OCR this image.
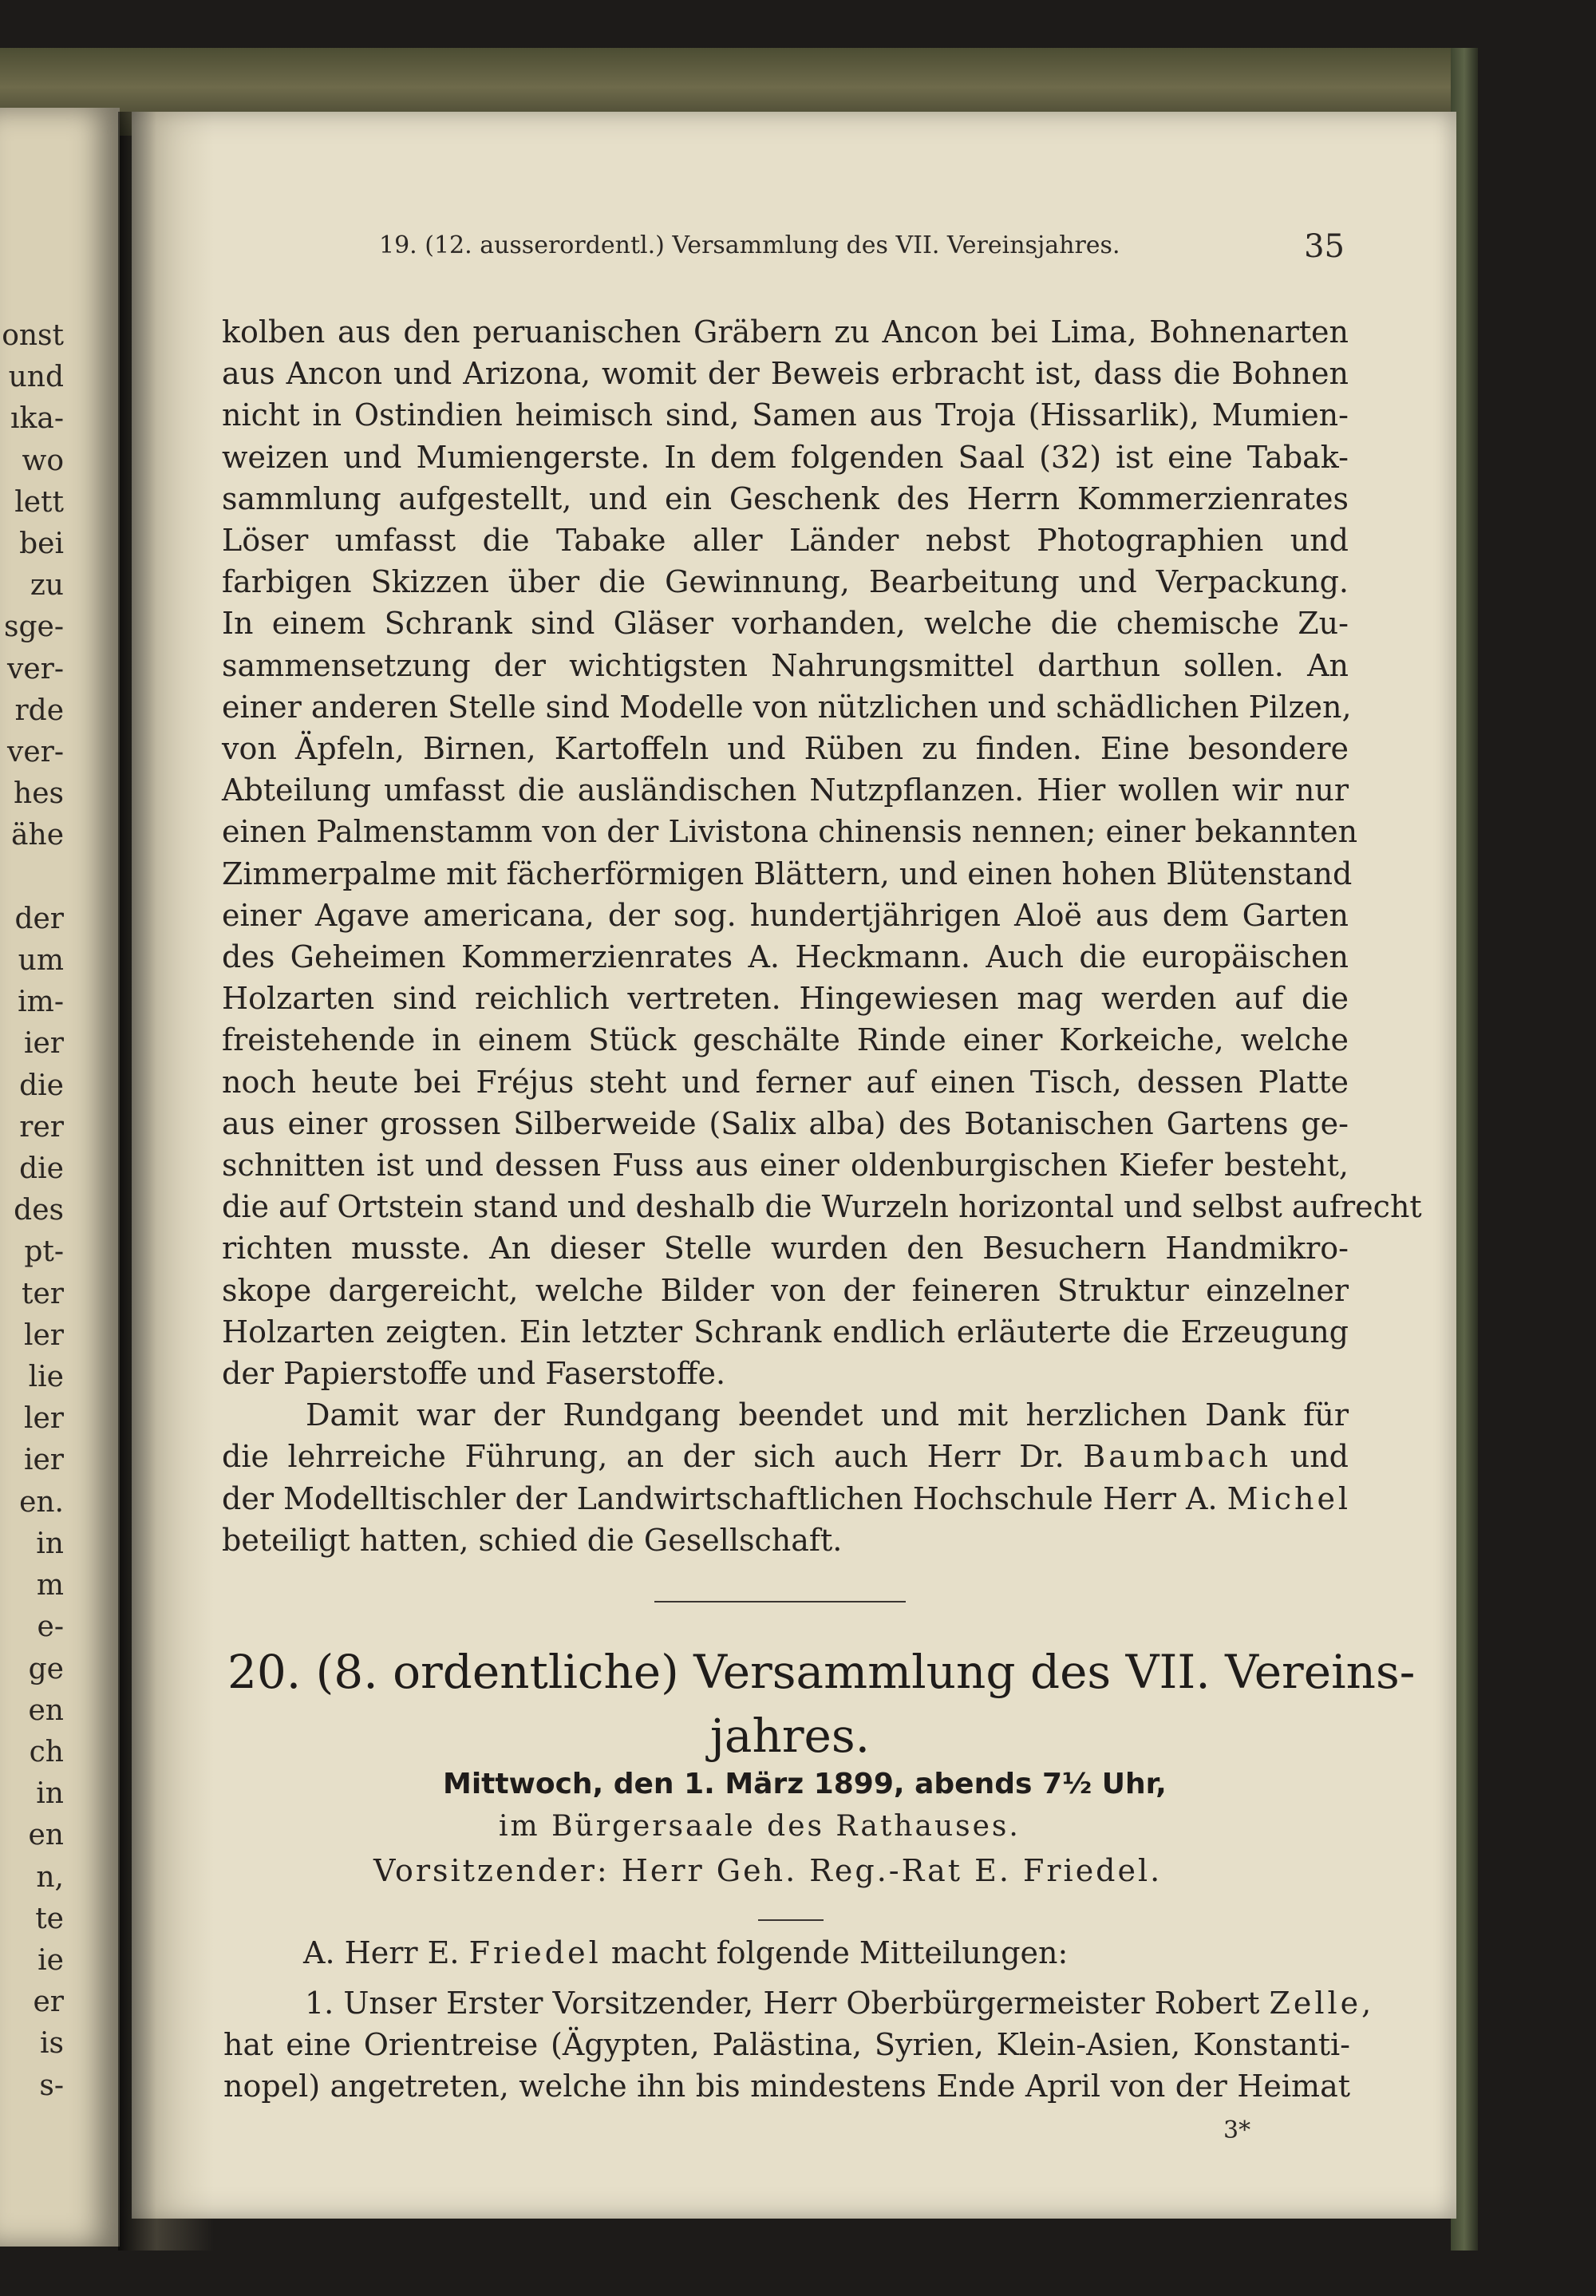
onst
und
ıka-
wo
lett
bei
zu
sge-
ver-
rde
ver-
hes
ähe

der
um
im-
ier
die
rer
die
des
pt-
ter
ler
lie
ler
ier
en.
in
m
e-
ge
en
ch
in
en
n,
te
ie
er
is
s-
19. (12. ausserordentl.) Versammlung des VII. Vereinsjahres.	35
kolben aus den peruanischen Gräbern zu Ancon bei Lima, Bohnenarten
aus Ancon und Arizona, womit der Beweis erbracht ist, dass die Bohnen
nicht in Ostindien heimisch sind, Samen aus Troja (Hissarlik), Mumien-
weizen und Mumiengerste. In dem folgenden Saal (32) ist eine Tabak-
sammlung aufgestellt, und ein Geschenk des Herrn Kommerzienrates
Löser umfasst die Tabake aller Länder nebst Photographien und
farbigen Skizzen über die Gewinnung, Bearbeitung und Verpackung.
In einem Schrank sind Gläser vorhanden, welche die chemische Zu-
sammensetzung der wichtigsten Nahrungsmittel darthun sollen. An
einer anderen Stelle sind Modelle von nützlichen und schädlichen Pilzen,
von Äpfeln, Birnen, Kartoffeln und Rüben zu finden. Eine besondere
Abteilung umfasst die ausländischen Nutzpflanzen. Hier wollen wir nur
einen Palmenstamm von der Livistona chinensis nennen; einer bekannten
Zimmerpalme mit fächerförmigen Blättern, und einen hohen Blütenstand
einer Agave americana, der sog. hundertjährigen Aloë aus dem Garten
des Geheimen Kommerzienrates A. Heckmann. Auch die europäischen
Holzarten sind reichlich vertreten. Hingewiesen mag werden auf die
freistehende in einem Stück geschälte Rinde einer Korkeiche, welche
noch heute bei Fréjus steht und ferner auf einen Tisch, dessen Platte
aus einer grossen Silberweide (Salix alba) des Botanischen Gartens ge-
schnitten ist und dessen Fuss aus einer oldenburgischen Kiefer besteht,
die auf Ortstein stand und deshalb die Wurzeln horizontal und selbst aufrecht
richten musste. An dieser Stelle wurden den Besuchern Handmikro-
skope dargereicht, welche Bilder von der feineren Struktur einzelner
Holzarten zeigten. Ein letzter Schrank endlich erläuterte die Erzeugung
der Papierstoffe und Faserstoffe.
Damit war der Rundgang beendet und mit herzlichen Dank für
die lehrreiche Führung, an der sich auch Herr Dr. Baumbach und
der Modelltischler der Landwirtschaftlichen Hochschule Herr A. Michel
beteiligt hatten, schied die Gesellschaft.
20. (8. ordentliche) Versammlung des VII. Vereins-
jahres.
Mittwoch, den 1. März 1899, abends 7½ Uhr,
im Bürgersaale des Rathauses.
Vorsitzender: Herr Geh. Reg.-Rat E. Friedel.
A. Herr E. Friedel macht folgende Mitteilungen:
1. Unser Erster Vorsitzender, Herr Oberbürgermeister Robert Zelle,
hat eine Orientreise (Ägypten, Palästina, Syrien, Klein-Asien, Konstanti-
nopel) angetreten, welche ihn bis mindestens Ende April von der Heimat
3*
